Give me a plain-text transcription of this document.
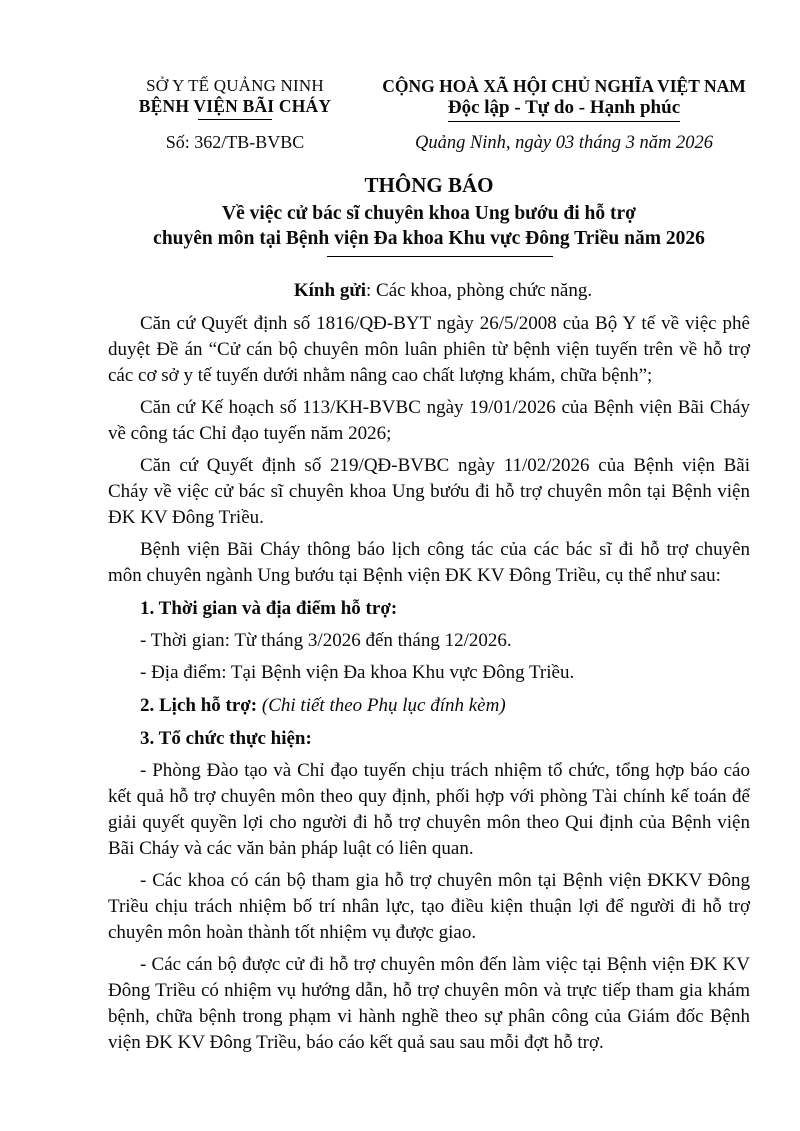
SỞ Y TẾ QUẢNG NINH
BỆNH VIỆN BÃI CHÁY
Số: 362/TB-BVBC
CỘNG HOÀ XÃ HỘI CHỦ NGHĨA VIỆT NAM
Độc lập - Tự do - Hạnh phúc
Quảng Ninh, ngày 03 tháng 3 năm 2026
THÔNG BÁO
Về việc cử bác sĩ chuyên khoa Ung bướu đi hỗ trợ
chuyên môn tại Bệnh viện Đa khoa Khu vực Đông Triều năm 2026
Kính gửi: Các khoa, phòng chức năng.

Căn cứ Quyết định số 1816/QĐ-BYT ngày 26/5/2008 của Bộ Y tế về việc phê duyệt Đề án “Cử cán bộ chuyên môn luân phiên từ bệnh viện tuyến trên về hỗ trợ các cơ sở y tế tuyến dưới nhằm nâng cao chất lượng khám, chữa bệnh”;

Căn cứ Kế hoạch số 113/KH-BVBC ngày 19/01/2026 của Bệnh viện Bãi Cháy về công tác Chỉ đạo tuyến năm 2026;

Căn cứ Quyết định số 219/QĐ-BVBC ngày 11/02/2026 của Bệnh viện Bãi Cháy về việc cử bác sĩ chuyên khoa Ung bướu đi hỗ trợ chuyên môn tại Bệnh viện ĐK KV Đông Triều.

Bệnh viện Bãi Cháy thông báo lịch công tác của các bác sĩ đi hỗ trợ chuyên môn chuyên ngành Ung bướu tại Bệnh viện ĐK KV Đông Triều, cụ thể như sau:

1. Thời gian và địa điểm hỗ trợ:
- Thời gian: Từ tháng 3/2026 đến tháng 12/2026.
- Địa điểm: Tại Bệnh viện Đa khoa Khu vực Đông Triều.
2. Lịch hỗ trợ: (Chi tiết theo Phụ lục đính kèm)
3. Tổ chức thực hiện:

- Phòng Đào tạo và Chỉ đạo tuyến chịu trách nhiệm tổ chức, tổng hợp báo cáo kết quả hỗ trợ chuyên môn theo quy định, phối hợp với phòng Tài chính kế toán để giải quyết quyền lợi cho người đi hỗ trợ chuyên môn theo Qui định của Bệnh viện Bãi Cháy và các văn bản pháp luật có liên quan.

- Các khoa có cán bộ tham gia hỗ trợ chuyên môn tại Bệnh viện ĐKKV Đông Triều chịu trách nhiệm bố trí nhân lực, tạo điều kiện thuận lợi để người đi hỗ trợ chuyên môn hoàn thành tốt nhiệm vụ được giao.

- Các cán bộ được cử đi hỗ trợ chuyên môn đến làm việc tại Bệnh viện ĐK KV Đông Triều có nhiệm vụ hướng dẫn, hỗ trợ chuyên môn và trực tiếp tham gia khám bệnh, chữa bệnh trong phạm vi hành nghề theo sự phân công của Giám đốc Bệnh viện ĐK KV Đông Triều, báo cáo kết quả sau sau mỗi đợt hỗ trợ.
